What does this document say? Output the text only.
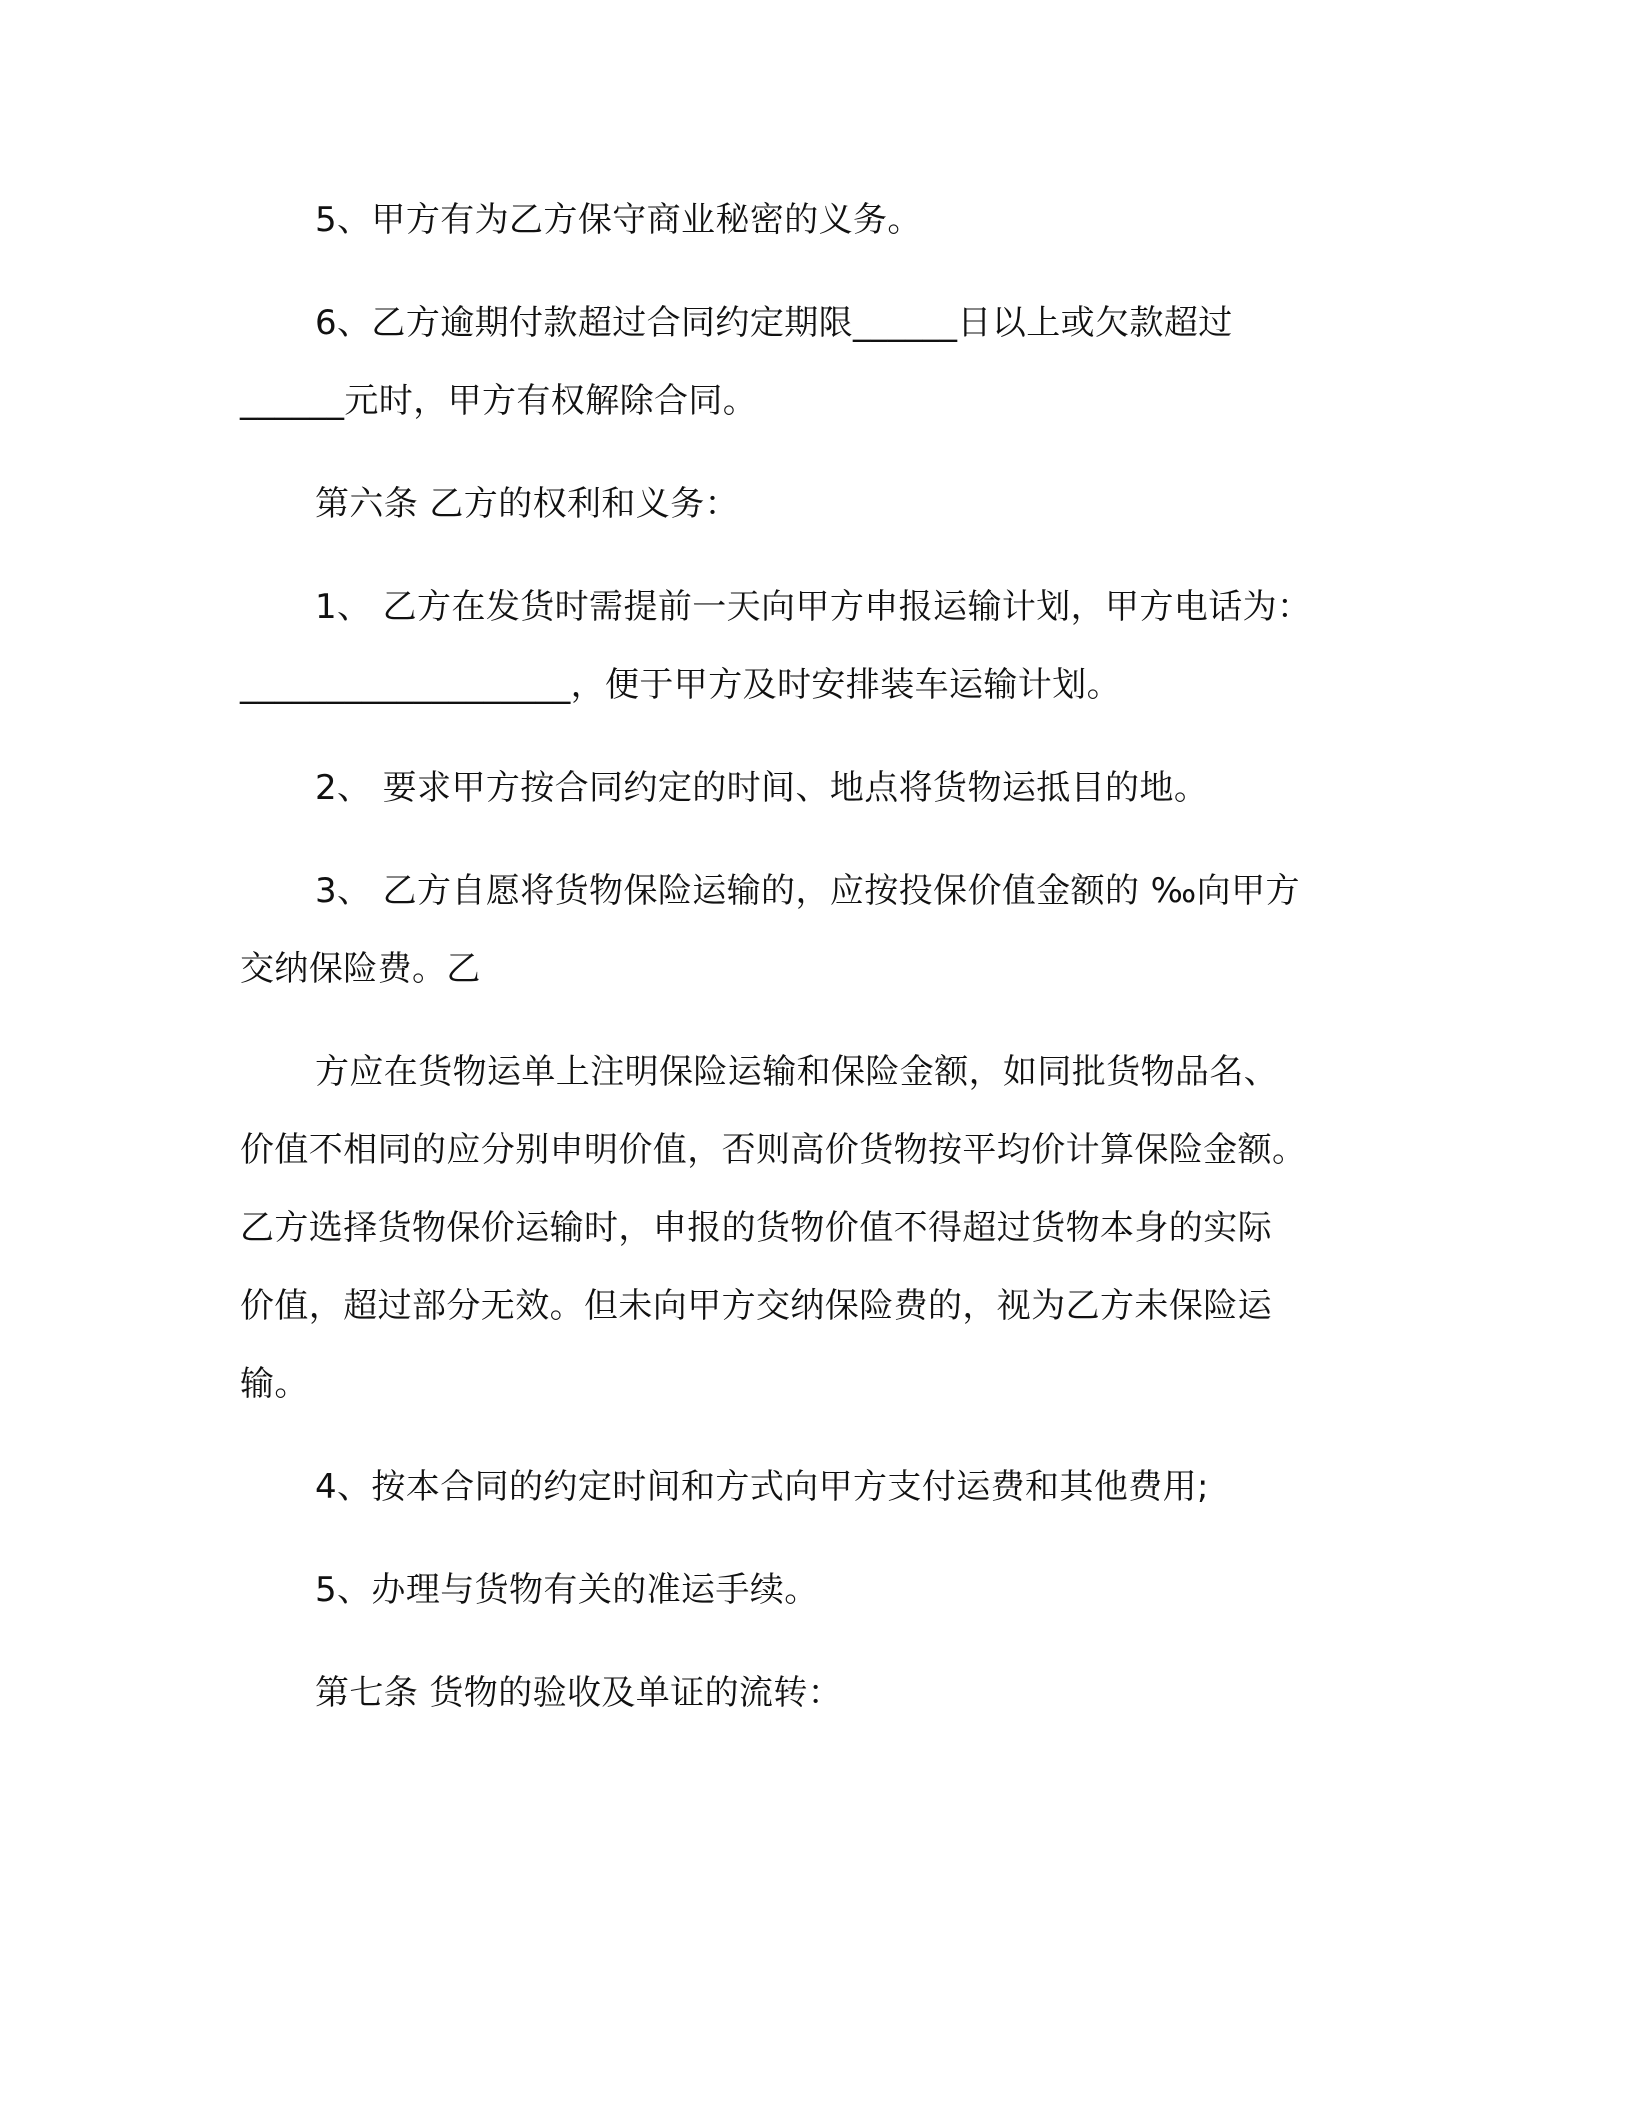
5、甲方有为乙方保守商业秘密的义务。
6、乙方逾期付款超过合同约定期限______日以上或欠款超过
______元时，甲方有权解除合同。
第六条 乙方的权利和义务：
1、 乙方在发货时需提前一天向甲方申报运输计划，甲方电话为：
___________________，便于甲方及时安排装车运输计划。
2、 要求甲方按合同约定的时间、地点将货物运抵目的地。
3、 乙方自愿将货物保险运输的，应按投保价值金额的 ‰向甲方
交纳保险费。乙
方应在货物运单上注明保险运输和保险金额，如同批货物品名、
价值不相同的应分别申明价值，否则高价货物按平均价计算保险金额。
乙方选择货物保价运输时，申报的货物价值不得超过货物本身的实际
价值，超过部分无效。但未向甲方交纳保险费的，视为乙方未保险运
输。
4、按本合同的约定时间和方式向甲方支付运费和其他费用;
5、办理与货物有关的准运手续。
第七条 货物的验收及单证的流转：
